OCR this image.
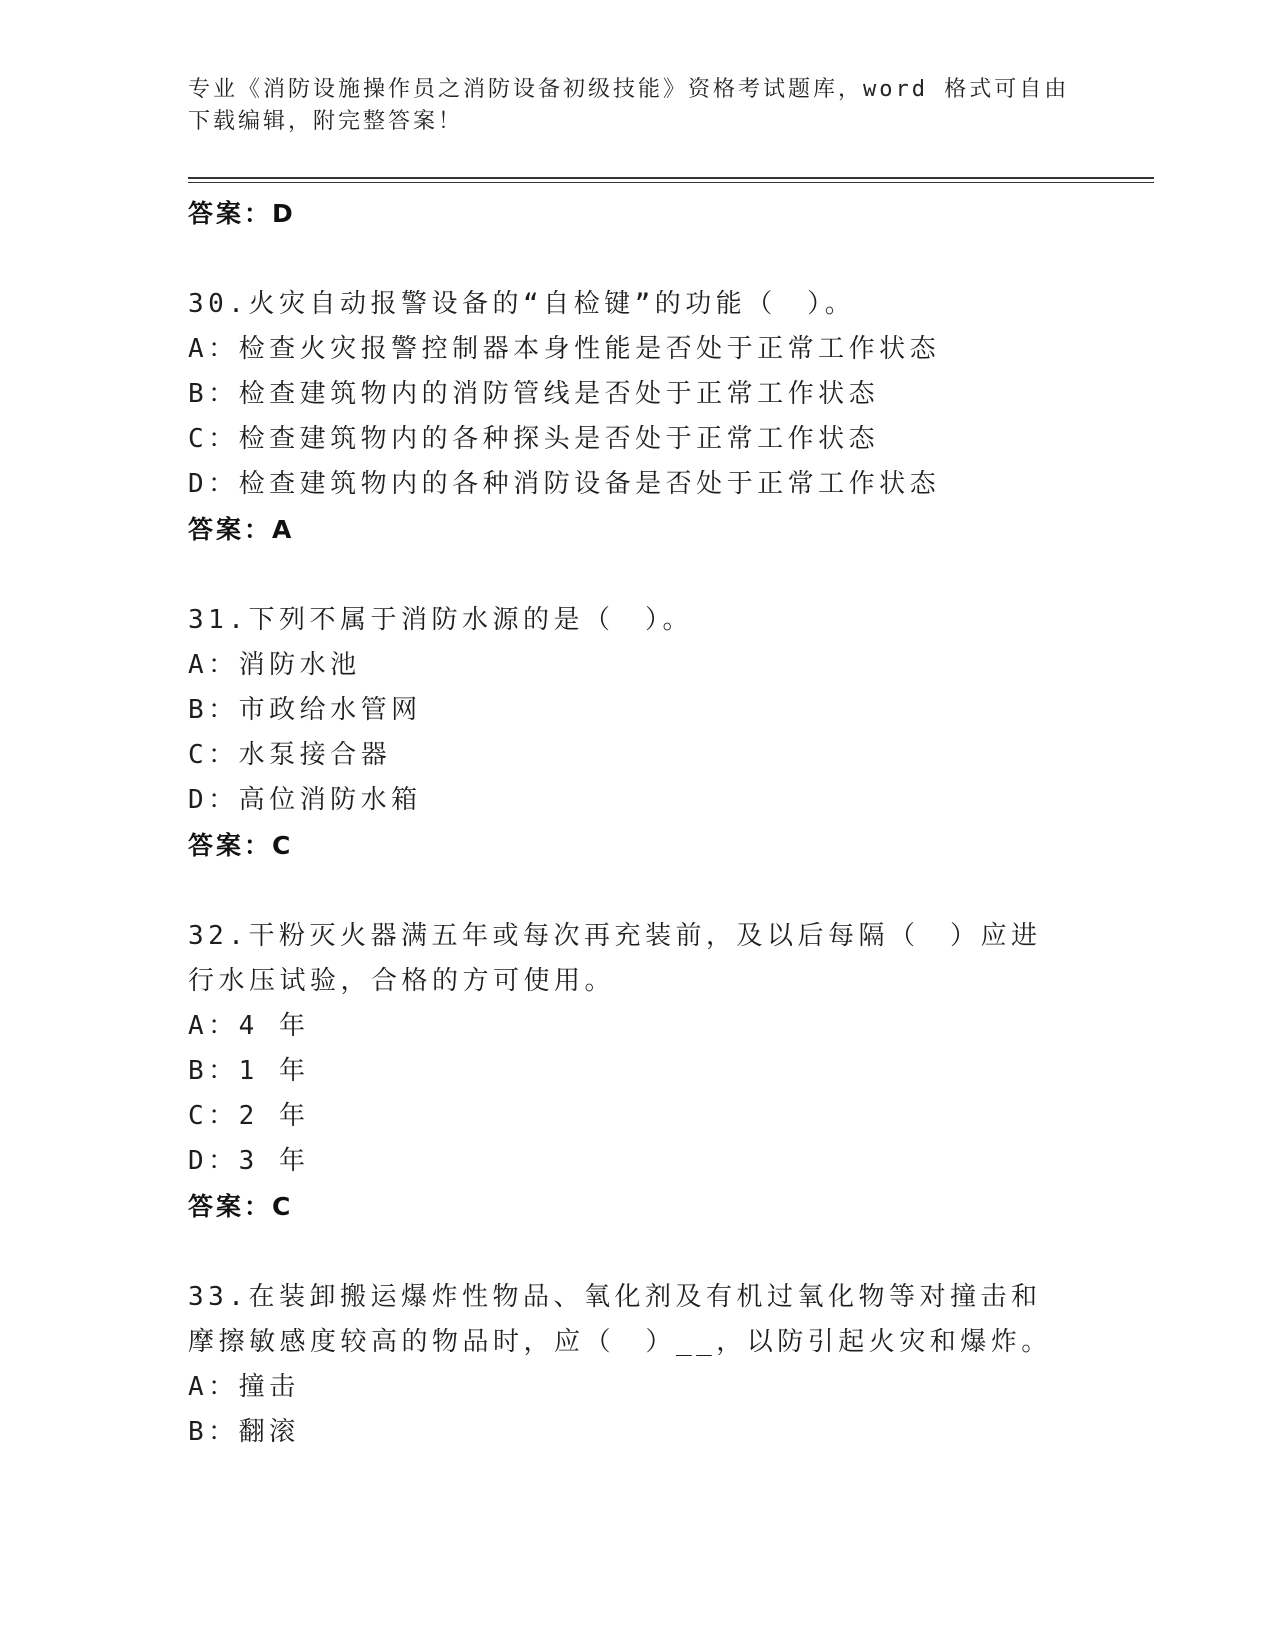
专业《消防设施操作员之消防设备初级技能》资格考试题库，word 格式可自由下载编辑，附完整答案！
答案：D
30.火灾自动报警设备的“自检键”的功能（　）。
A：检查火灾报警控制器本身性能是否处于正常工作状态
B：检查建筑物内的消防管线是否处于正常工作状态
C：检查建筑物内的各种探头是否处于正常工作状态
D：检查建筑物内的各种消防设备是否处于正常工作状态
答案：A
31.下列不属于消防水源的是（　）。
A：消防水池
B：市政给水管网
C：水泵接合器
D：高位消防水箱
答案：C
32.干粉灭火器满五年或每次再充装前，及以后每隔（　）应进行水压试验，合格的方可使用。
A：4 年
B：1 年
C：2 年
D：3 年
答案：C
33.在装卸搬运爆炸性物品、氧化剂及有机过氧化物等对撞击和摩擦敏感度较高的物品时，应（　）__，以防引起火灾和爆炸。
A：撞击
B：翻滚
